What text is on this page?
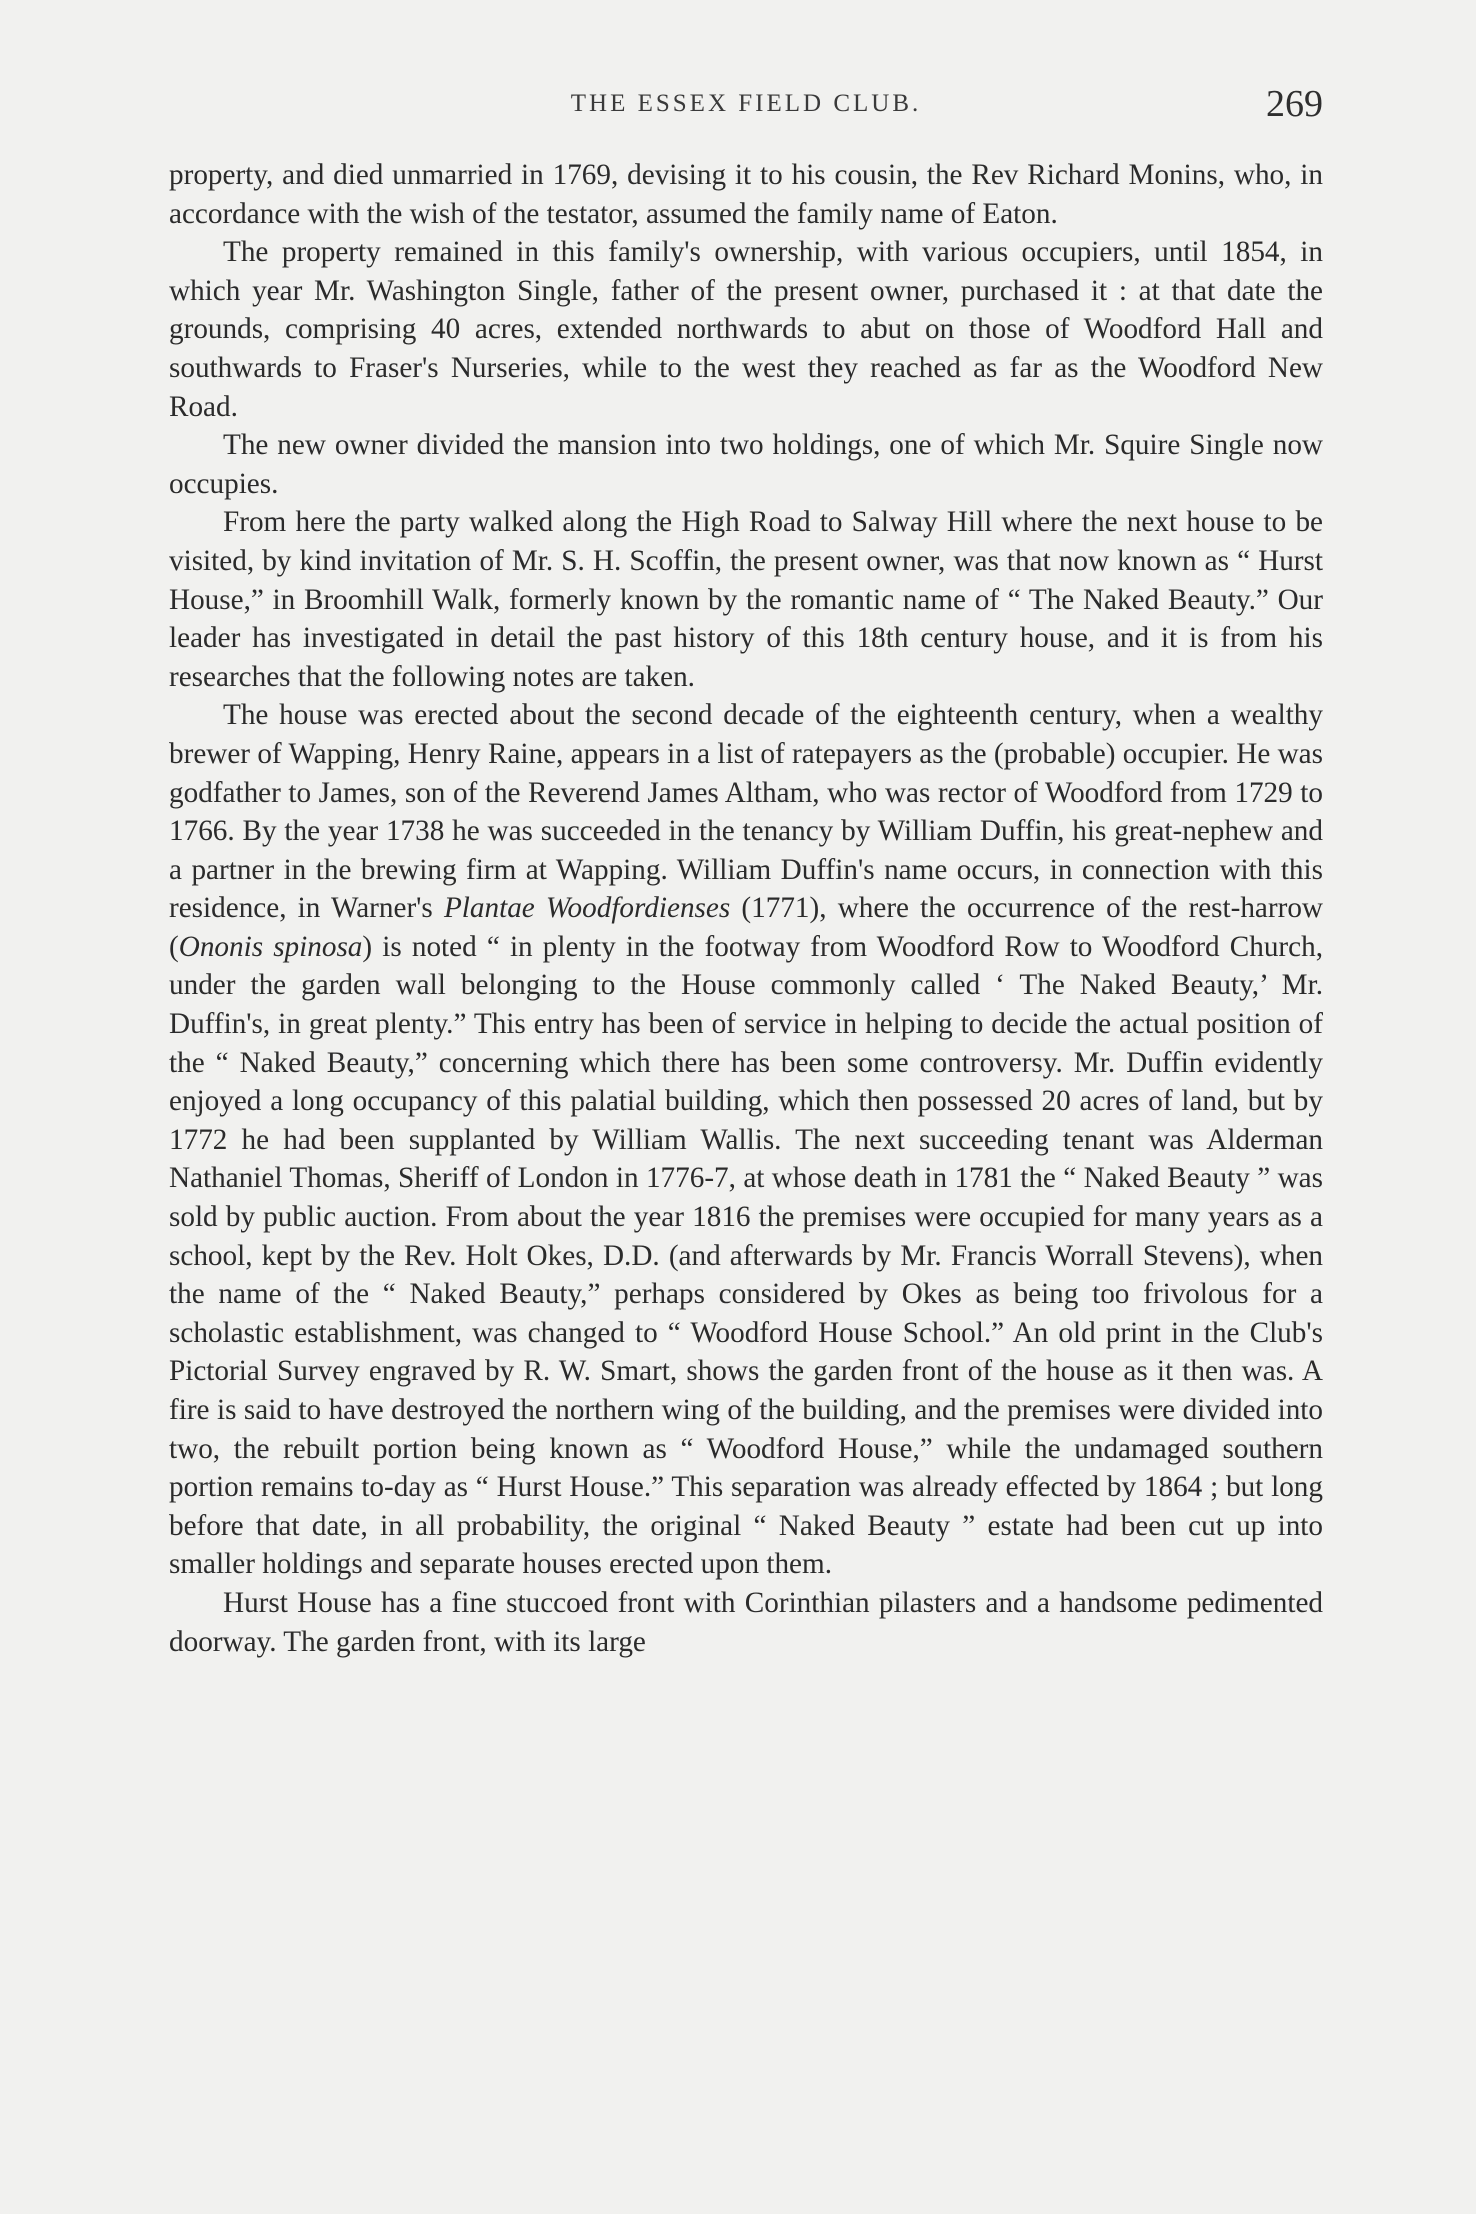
THE ESSEX FIELD CLUB.	269

property, and died unmarried in 1769, devising it to his cousin, the Rev Richard Monins, who, in accordance with the wish of the testator, assumed the family name of Eaton.

The property remained in this family's ownership, with various occupiers, until 1854, in which year Mr. Washington Single, father of the present owner, purchased it : at that date the grounds, comprising 40 acres, extended northwards to abut on those of Woodford Hall and southwards to Fraser's Nurseries, while to the west they reached as far as the Woodford New Road.

The new owner divided the mansion into two holdings, one of which Mr. Squire Single now occupies.

From here the party walked along the High Road to Salway Hill where the next house to be visited, by kind invitation of Mr. S. H. Scoffin, the present owner, was that now known as “ Hurst House,” in Broomhill Walk, formerly known by the romantic name of “ The Naked Beauty.” Our leader has investigated in detail the past history of this 18th century house, and it is from his researches that the following notes are taken.

The house was erected about the second decade of the eighteenth century, when a wealthy brewer of Wapping, Henry Raine, appears in a list of ratepayers as the (probable) occupier. He was godfather to James, son of the Reverend James Altham, who was rector of Woodford from 1729 to 1766. By the year 1738 he was succeeded in the tenancy by William Duffin, his great-nephew and a partner in the brewing firm at Wapping. William Duffin's name occurs, in connection with this residence, in Warner's Plantae Woodfordienses (1771), where the occurrence of the rest-harrow (Ononis spinosa) is noted “ in plenty in the footway from Woodford Row to Woodford Church, under the garden wall belonging to the House commonly called ‘ The Naked Beauty,’ Mr. Duffin's, in great plenty.” This entry has been of service in helping to decide the actual position of the “ Naked Beauty,” concerning which there has been some controversy. Mr. Duffin evidently enjoyed a long occupancy of this palatial building, which then possessed 20 acres of land, but by 1772 he had been supplanted by William Wallis. The next succeeding tenant was Alderman Nathaniel Thomas, Sheriff of London in 1776-7, at whose death in 1781 the “ Naked Beauty ” was sold by public auction. From about the year 1816 the premises were occupied for many years as a school, kept by the Rev. Holt Okes, D.D. (and afterwards by Mr. Francis Worrall Stevens), when the name of the “ Naked Beauty,” perhaps considered by Okes as being too frivolous for a scholastic establishment, was changed to “ Woodford House School.” An old print in the Club's Pictorial Survey engraved by R. W. Smart, shows the garden front of the house as it then was. A fire is said to have destroyed the northern wing of the building, and the premises were divided into two, the rebuilt portion being known as “ Woodford House,” while the undamaged southern portion remains to-day as “ Hurst House.” This separation was already effected by 1864 ; but long before that date, in all probability, the original “ Naked Beauty ” estate had been cut up into smaller holdings and separate houses erected upon them.

Hurst House has a fine stuccoed front with Corinthian pilasters and a handsome pedimented doorway. The garden front, with its large
